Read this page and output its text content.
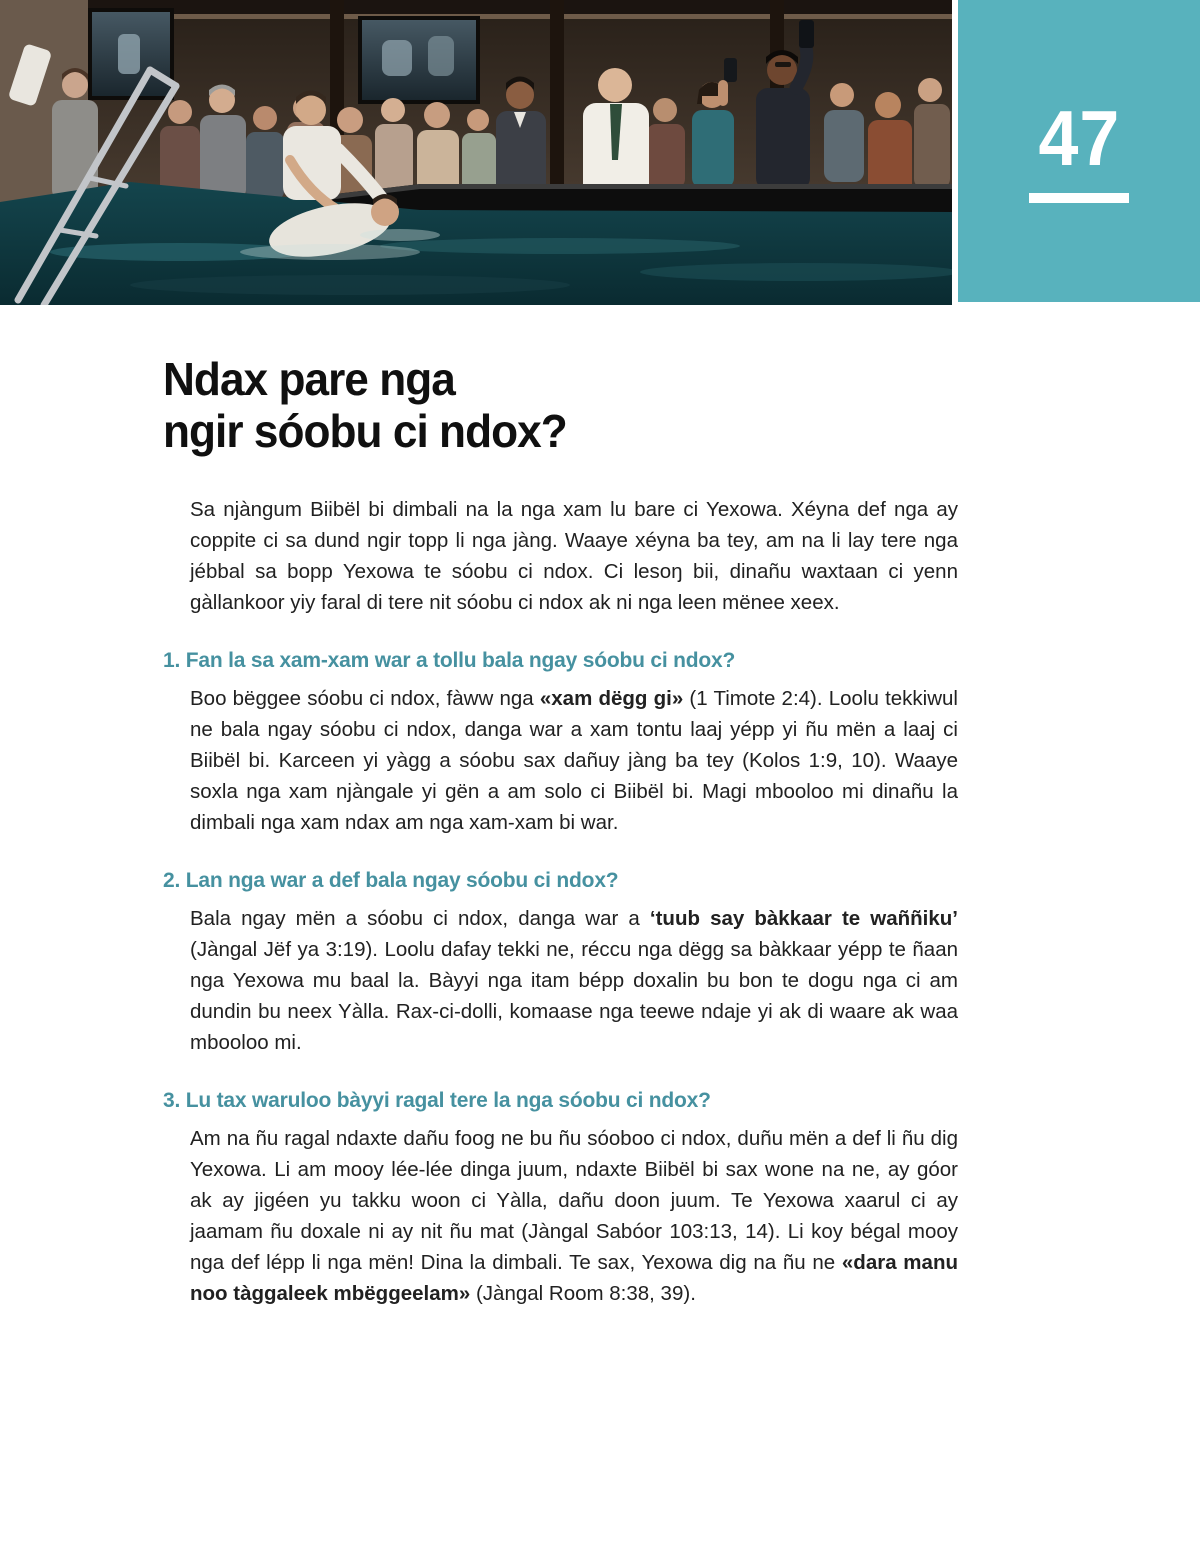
47
Ndax pare nga
ngir sóobu ci ndox?

Sa njàngum Biibël bi dimbali na la nga xam lu bare ci Yexowa. Xéyna def nga ay coppite ci sa dund ngir topp li nga jàng. Waaye xéyna ba tey, am na li lay tere nga jébbal sa bopp Yexowa te sóobu ci ndox. Ci lesoŋ bii, dinañu waxtaan ci yenn gàllankoor yiy faral di tere nit sóobu ci ndox ak ni nga leen mënee xeex.

1. Fan la sa xam-xam war a tollu bala ngay sóobu ci ndox?

Boo bëggee sóobu ci ndox, fàww nga «xam dëgg gi» (1 Timote 2:4). Loolu tekkiwul ne bala ngay sóobu ci ndox, danga war a xam tontu laaj yépp yi ñu mën a laaj ci Biibël bi. Karceen yi yàgg a sóobu sax dañuy jàng ba tey (Kolos 1:9, 10). Waaye soxla nga xam njàngale yi gën a am solo ci Biibël bi. Magi mbooloo mi dinañu la dimbali nga xam ndax am nga xam-xam bi war.

2. Lan nga war a def bala ngay sóobu ci ndox?

Bala ngay mën a sóobu ci ndox, danga war a ‘tuub say bàkkaar te waññiku’ (Jàngal Jëf ya 3:19). Loolu dafay tekki ne, réccu nga dëgg sa bàkkaar yépp te ñaan nga Yexowa mu baal la. Bàyyi nga itam bépp doxalin bu bon te dogu nga ci am dundin bu neex Yàlla. Rax-ci-dolli, komaase nga teewe ndaje yi ak di waare ak waa mbooloo mi.

3. Lu tax waruloo bàyyi ragal tere la nga sóobu ci ndox?

Am na ñu ragal ndaxte dañu foog ne bu ñu sóoboo ci ndox, duñu mën a def li ñu dig Yexowa. Li am mooy lée-lée dinga juum, ndaxte Biibël bi sax wone na ne, ay góor ak ay jigéen yu takku woon ci Yàlla, dañu doon juum. Te Yexowa xaarul ci ay jaamam ñu doxale ni ay nit ñu mat (Jàngal Sabóor 103:13, 14). Li koy bégal mooy nga def lépp li nga mën! Dina la dimbali. Te sax, Yexowa dig na ñu ne «dara manu noo tàggaleek mbëggeelam» (Jàngal Room 8:38, 39).
